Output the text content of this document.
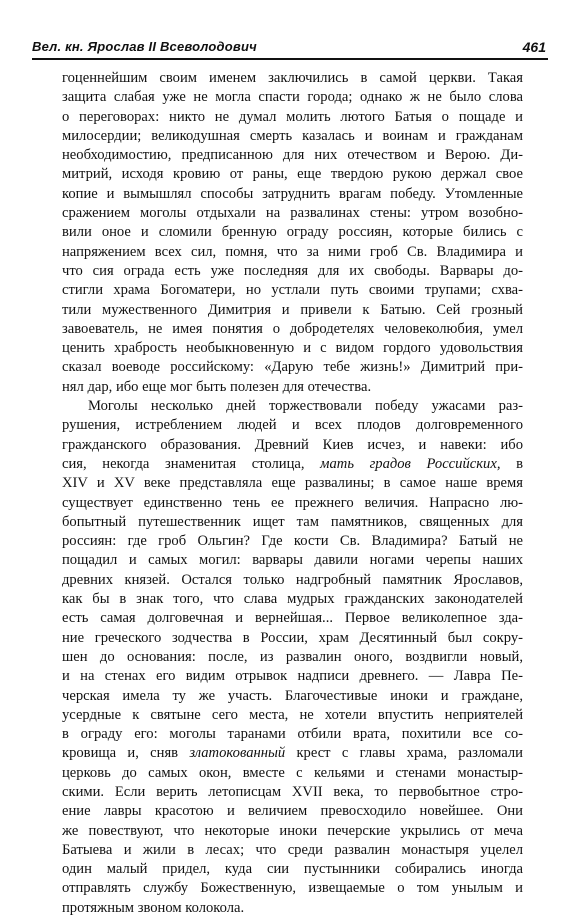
Вел. кн. Ярослав II Всеволодович	461
гоценнейшим своим именем заключились в самой церкви. Такая
защита слабая уже не могла спасти города; однако ж не было слова
о переговорах: никто не думал молить лютого Батыя о пощаде и
милосердии; великодушная смерть казалась и воинам и гражданам
необходимостию, предписанною для них отечеством и Верою. Ди-
митрий, исходя кровию от раны, еще твердою рукою держал свое
копие и вымышлял способы затруднить врагам победу. Утомленные
сражением моголы отдыхали на развалинах стены: утром возобно-
вили оное и сломили бренную ограду россиян, которые бились с
напряжением всех сил, помня, что за ними гроб Св. Владимира и
что сия ограда есть уже последняя для их свободы. Варвары до-
стигли храма Богоматери, но устлали путь своими трупами; схва-
тили мужественного Димитрия и привели к Батыю. Сей грозный
завоеватель, не имея понятия о добродетелях человеколюбия, умел
ценить храбрость необыкновенную и с видом гордого удовольствия
сказал воеводе российскому: «Дарую тебе жизнь!» Димитрий при-
нял дар, ибо еще мог быть полезен для отечества.
Моголы несколько дней торжествовали победу ужасами раз-
рушения, истреблением людей и всех плодов долговременного
гражданского образования. Древний Киев исчез, и навеки: ибо
сия, некогда знаменитая столица, мать градов Российских, в
XIV и XV веке представляла еще развалины; в самое наше время
существует единственно тень ее прежнего величия. Напрасно лю-
бопытный путешественник ищет там памятников, священных для
россиян: где гроб Ольгин? Где кости Св. Владимира? Батый не
пощадил и самых могил: варвары давили ногами черепы наших
древних князей. Остался только надгробный памятник Ярославов,
как бы в знак того, что слава мудрых гражданских законодателей
есть самая долговечная и вернейшая... Первое великолепное зда-
ние греческого зодчества в России, храм Десятинный был сокру-
шен до основания: после, из развалин оного, воздвигли новый,
и на стенах его видим отрывок надписи древнего. — Лавра Пе-
черская имела ту же участь. Благочестивые иноки и граждане,
усердные к святыне сего места, не хотели впустить неприятелей
в ограду его: моголы таранами отбили врата, похитили все со-
кровища и, сняв златокованный крест с главы храма, разломали
церковь до самых окон, вместе с кельями и стенами монастыр-
скими. Если верить летописцам XVII века, то первобытное стро-
ение лавры красотою и величием превосходило новейшее. Они
же повествуют, что некоторые иноки печерские укрылись от меча
Батыева и жили в лесах; что среди развалин монастыря уцелел
один малый придел, куда сии пустынники собирались иногда
отправлять службу Божественную, извещаемые о том унылым и
протяжным звоном колокола.
